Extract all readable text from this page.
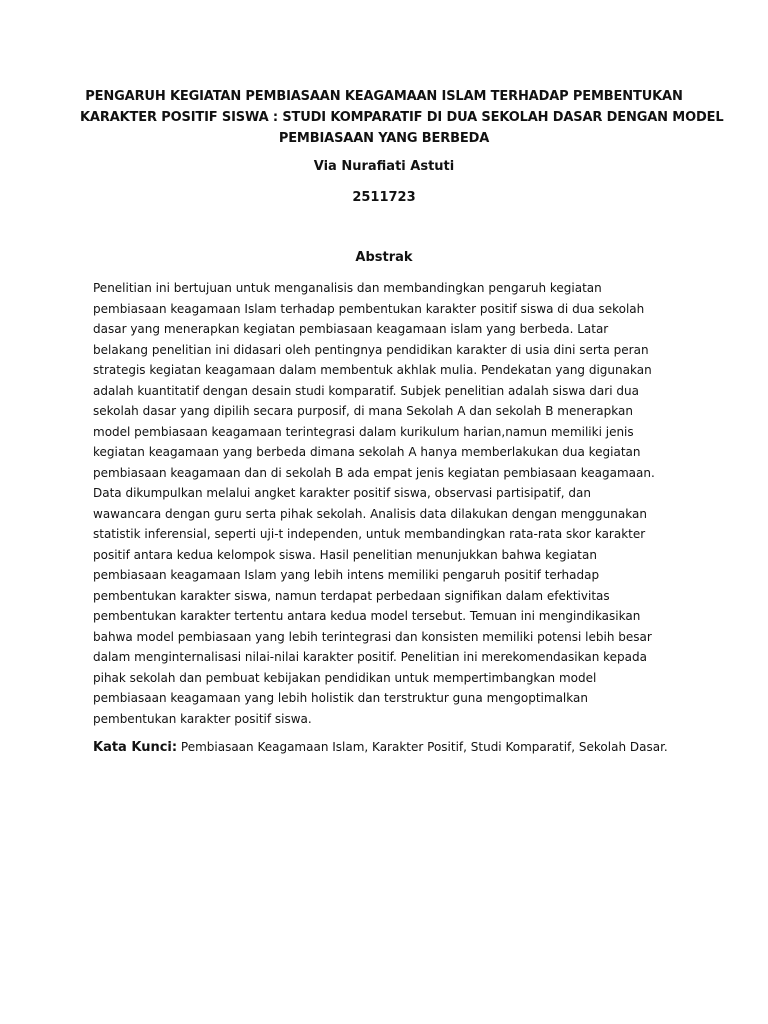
PENGARUH KEGIATAN PEMBIASAAN KEAGAMAAN ISLAM TERHADAP PEMBENTUKAN
KARAKTER POSITIF SISWA : STUDI KOMPARATIF DI DUA SEKOLAH DASAR DENGAN MODEL
PEMBIASAAN YANG BERBEDA

Via Nurafiati Astuti

2511723

Abstrak

Penelitian ini bertujuan untuk menganalisis dan membandingkan pengaruh kegiatan
pembiasaan keagamaan Islam terhadap pembentukan karakter positif siswa di dua sekolah
dasar yang menerapkan kegiatan pembiasaan keagamaan islam yang berbeda. Latar
belakang penelitian ini didasari oleh pentingnya pendidikan karakter di usia dini serta peran
strategis kegiatan keagamaan dalam membentuk akhlak mulia. Pendekatan yang digunakan
adalah kuantitatif dengan desain studi komparatif. Subjek penelitian adalah siswa dari dua
sekolah dasar yang dipilih secara purposif, di mana Sekolah A dan sekolah B menerapkan
model pembiasaan keagamaan terintegrasi dalam kurikulum harian,namun memiliki jenis
kegiatan keagamaan yang berbeda dimana sekolah A hanya memberlakukan dua kegiatan
pembiasaan keagamaan dan di sekolah B ada empat jenis kegiatan pembiasaan keagamaan.
Data dikumpulkan melalui angket karakter positif siswa, observasi partisipatif, dan
wawancara dengan guru serta pihak sekolah. Analisis data dilakukan dengan menggunakan
statistik inferensial, seperti uji-t independen, untuk membandingkan rata-rata skor karakter
positif antara kedua kelompok siswa. Hasil penelitian menunjukkan bahwa kegiatan
pembiasaan keagamaan Islam yang lebih intens memiliki pengaruh positif terhadap
pembentukan karakter siswa, namun terdapat perbedaan signifikan dalam efektivitas
pembentukan karakter tertentu antara kedua model tersebut. Temuan ini mengindikasikan
bahwa model pembiasaan yang lebih terintegrasi dan konsisten memiliki potensi lebih besar
dalam menginternalisasi nilai-nilai karakter positif. Penelitian ini merekomendasikan kepada
pihak sekolah dan pembuat kebijakan pendidikan untuk mempertimbangkan model
pembiasaan keagamaan yang lebih holistik dan terstruktur guna mengoptimalkan
pembentukan karakter positif siswa.

Kata Kunci: Pembiasaan Keagamaan Islam, Karakter Positif, Studi Komparatif, Sekolah Dasar.
